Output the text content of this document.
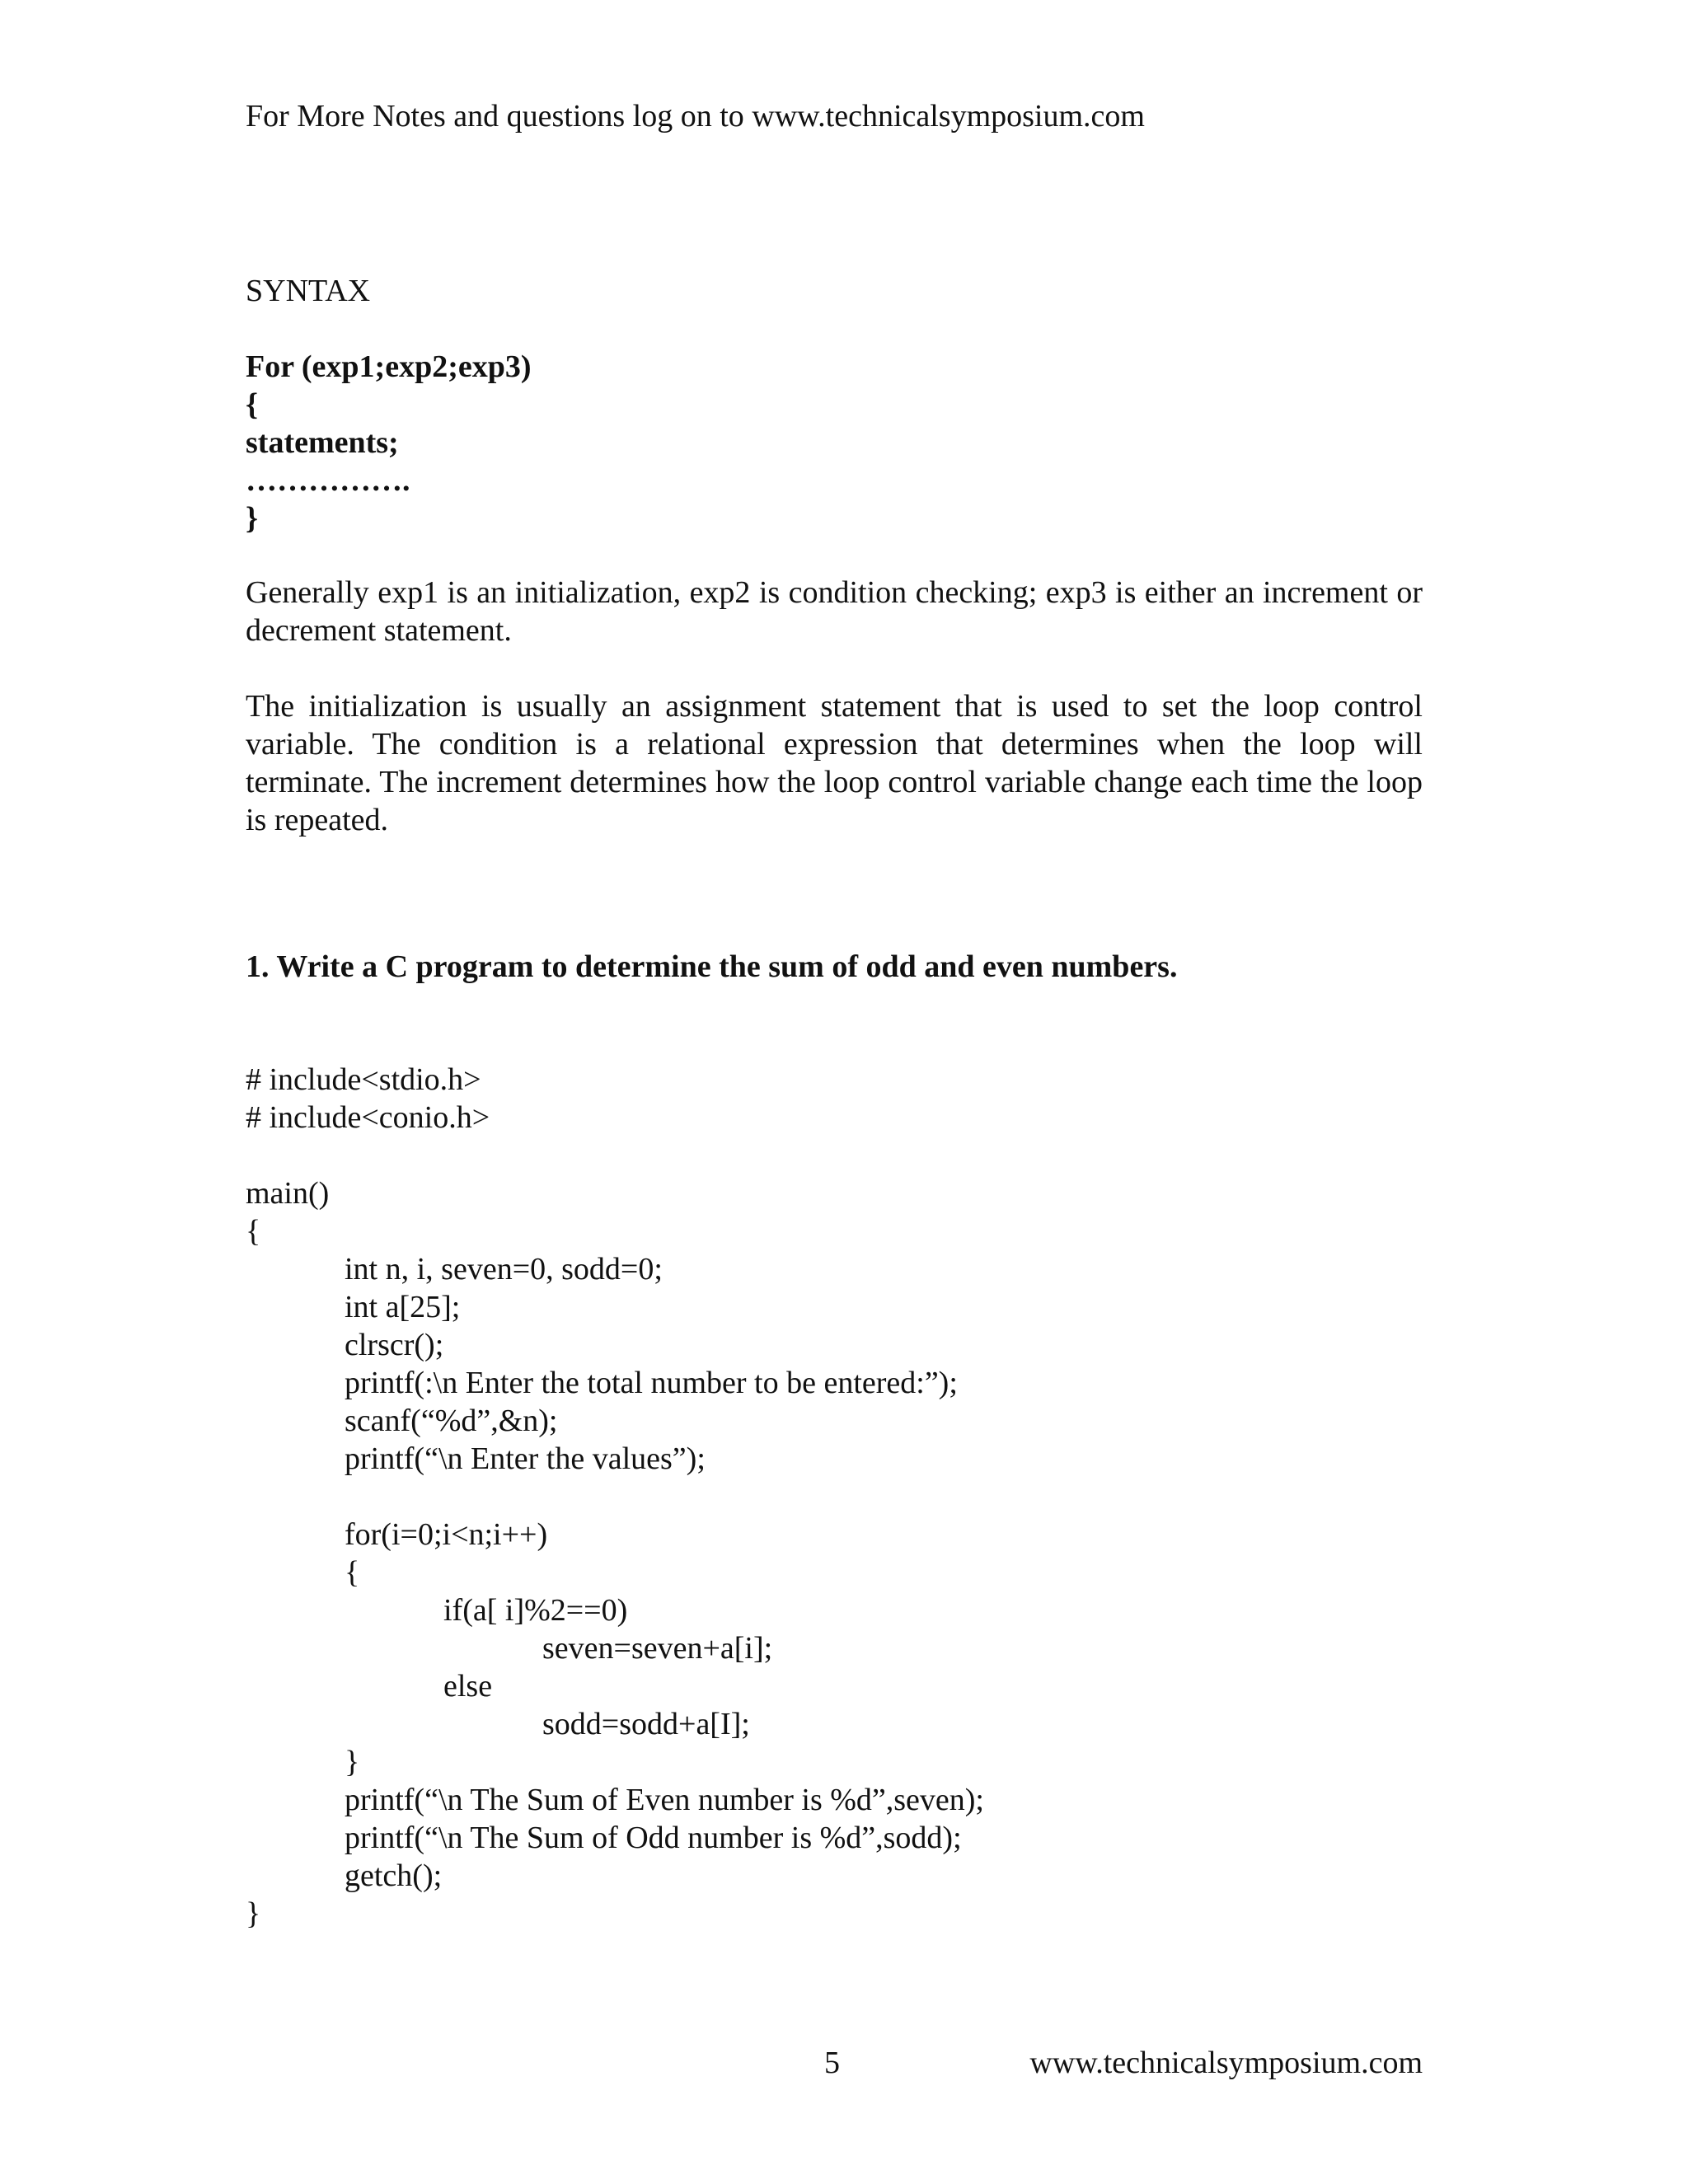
For More Notes and questions log on to www.technicalsymposium.com
SYNTAX
For (exp1;exp2;exp3)
{
statements;
…………….
}

Generally exp1 is an initialization, exp2 is condition checking; exp3 is either an increment or decrement statement.

The initialization is usually an assignment statement that is used to set the loop control variable. The condition is a relational expression that determines when the loop will terminate. The increment determines how the loop control variable change each time the loop is repeated.

1. Write a C program to determine the sum of odd and even numbers.
# include<stdio.h>
# include<conio.h>
main()
{
int n, i, seven=0, sodd=0;
int a[25];
clrscr();
printf(:\n Enter the total number to be entered:”);
scanf(“%d”,&n);
printf(“\n Enter the values”);
for(i=0;i<n;i++)
{
if(a[ i]%2==0)
seven=seven+a[i];
else
sodd=sodd+a[I];
}
printf(“\n The Sum of Even number is %d”,seven);
printf(“\n The Sum of Odd number is %d”,sodd);
getch();
}
5	www.technicalsymposium.com
